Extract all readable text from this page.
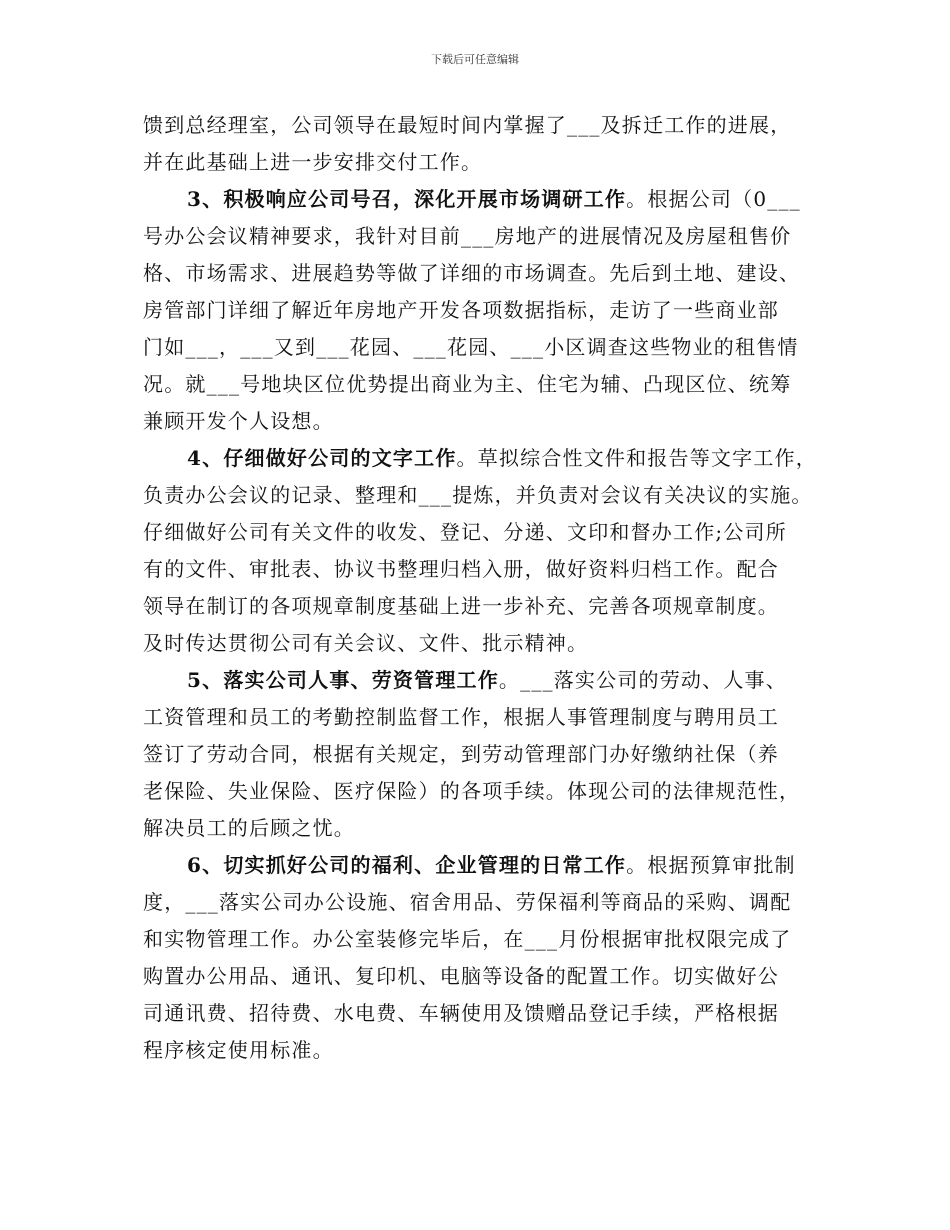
下载后可任意编辑

馈到总经理室，公司领导在最短时间内掌握了___及拆迁工作的进展，
并在此基础上进一步安排交付工作。

3、积极响应公司号召，深化开展市场调研工作。根据公司（0___
号办公会议精神要求，我针对目前___房地产的进展情况及房屋租售价
格、市场需求、进展趋势等做了详细的市场调查。先后到土地、建设、
房管部门详细了解近年房地产开发各项数据指标，走访了一些商业部
门如___，___又到___花园、___花园、___小区调查这些物业的租售情
况。就___号地块区位优势提出商业为主、住宅为辅、凸现区位、统筹
兼顾开发个人设想。

4、仔细做好公司的文字工作。草拟综合性文件和报告等文字工作，
负责办公会议的记录、整理和___提炼，并负责对会议有关决议的实施。
仔细做好公司有关文件的收发、登记、分递、文印和督办工作;公司所
有的文件、审批表、协议书整理归档入册，做好资料归档工作。配合
领导在制订的各项规章制度基础上进一步补充、完善各项规章制度。
及时传达贯彻公司有关会议、文件、批示精神。

5、落实公司人事、劳资管理工作。___落实公司的劳动、人事、
工资管理和员工的考勤控制监督工作，根据人事管理制度与聘用员工
签订了劳动合同，根据有关规定，到劳动管理部门办好缴纳社保（养
老保险、失业保险、医疗保险）的各项手续。体现公司的法律规范性，
解决员工的后顾之忧。

6、切实抓好公司的福利、企业管理的日常工作。根据预算审批制
度，___落实公司办公设施、宿舍用品、劳保福利等商品的采购、调配
和实物管理工作。办公室装修完毕后，在___月份根据审批权限完成了
购置办公用品、通讯、复印机、电脑等设备的配置工作。切实做好公
司通讯费、招待费、水电费、车辆使用及馈赠品登记手续，严格根据
程序核定使用标准。
